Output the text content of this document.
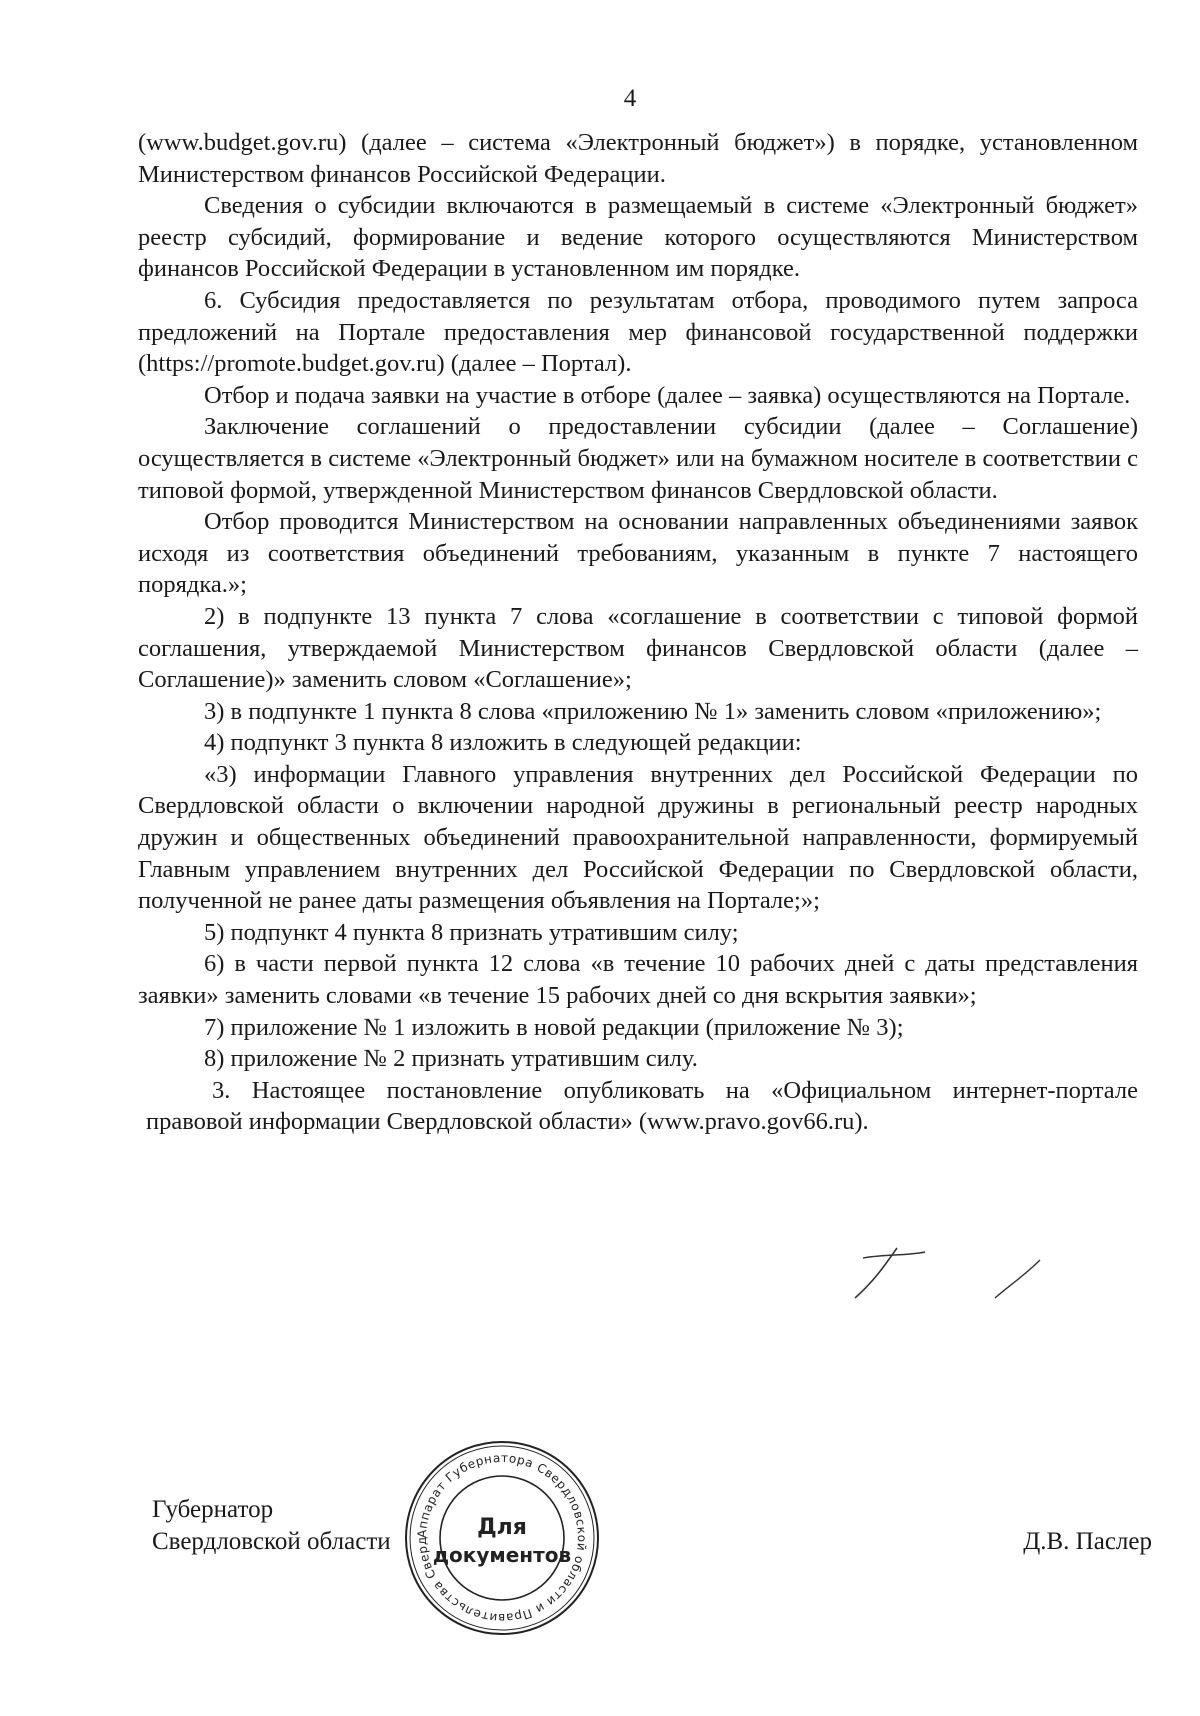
4

(www.budget.gov.ru) (далее – система «Электронный бюджет») в порядке, установленном Министерством финансов Российской Федерации.

Сведения о субсидии включаются в размещаемый в системе «Электронный бюджет» реестр субсидий, формирование и ведение которого осуществляются Министерством финансов Российской Федерации в установленном им порядке.

6. Субсидия предоставляется по результатам отбора, проводимого путем запроса предложений на Портале предоставления мер финансовой государственной поддержки (https://promote.budget.gov.ru) (далее – Портал).

Отбор и подача заявки на участие в отборе (далее – заявка) осуществляются на Портале.

Заключение соглашений о предоставлении субсидии (далее – Соглашение) осуществляется в системе «Электронный бюджет» или на бумажном носителе в соответствии с типовой формой, утвержденной Министерством финансов Свердловской области.

Отбор проводится Министерством на основании направленных объединениями заявок исходя из соответствия объединений требованиям, указанным в пункте 7 настоящего порядка.»;

2) в подпункте 13 пункта 7 слова «соглашение в соответствии с типовой формой соглашения, утверждаемой Министерством финансов Свердловской области (далее – Соглашение)» заменить словом «Соглашение»;

3) в подпункте 1 пункта 8 слова «приложению № 1» заменить словом «приложению»;

4) подпункт 3 пункта 8 изложить в следующей редакции:

«3) информации Главного управления внутренних дел Российской Федерации по Свердловской области о включении народной дружины в региональный реестр народных дружин и общественных объединений правоохранительной направленности, формируемый Главным управлением внутренних дел Российской Федерации по Свердловской области, полученной не ранее даты размещения объявления на Портале;»;

5) подпункт 4 пункта 8 признать утратившим силу;

6) в части первой пункта 12 слова «в течение 10 рабочих дней с даты представления заявки» заменить словами «в течение 15 рабочих дней со дня вскрытия заявки»;

7) приложение № 1 изложить в новой редакции (приложение № 3);

8) приложение № 2 признать утратившим силу.

3. Настоящее постановление опубликовать на «Официальном интернет-портале правовой информации Свердловской области» (www.pravo.gov66.ru).

Губернатор
Свердловской области	Д.В. Паслер
Аппарат Губернатора Свердловской области и Правительства Сверд
Для
документов
